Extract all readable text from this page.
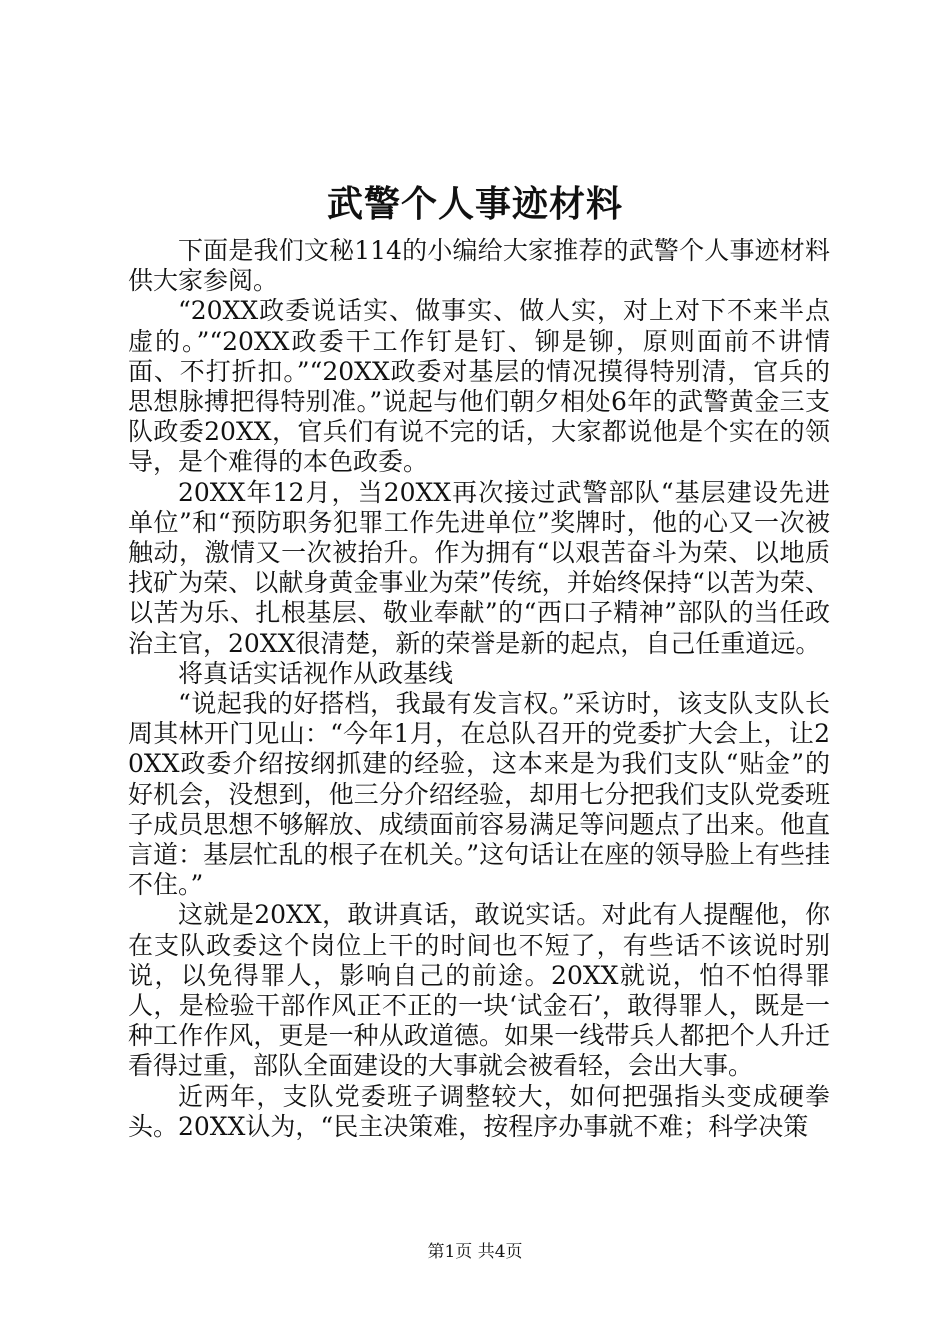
武警个人事迹材料

下面是我们文秘114的小编给大家推荐的武警个人事迹材料供大家参阅。

“20XX政委说话实、做事实、做人实，对上对下不来半点虚的。”“20XX政委干工作钉是钉、铆是铆，原则面前不讲情面、不打折扣。”“20XX政委对基层的情况摸得特别清，官兵的思想脉搏把得特别准。”说起与他们朝夕相处6年的武警黄金三支队政委20XX，官兵们有说不完的话，大家都说他是个实在的领导，是个难得的本色政委。

20XX年12月，当20XX再次接过武警部队“基层建设先进单位”和“预防职务犯罪工作先进单位”奖牌时，他的心又一次被触动，激情又一次被抬升。作为拥有“以艰苦奋斗为荣、以地质找矿为荣、以献身黄金事业为荣”传统，并始终保持“以苦为荣、以苦为乐、扎根基层、敬业奉献”的“西口子精神”部队的当任政治主官，20XX很清楚，新的荣誉是新的起点，自己任重道远。

将真话实话视作从政基线

“说起我的好搭档，我最有发言权。”采访时，该支队支队长周其林开门见山：“今年1月，在总队召开的党委扩大会上，让20XX政委介绍按纲抓建的经验，这本来是为我们支队“贴金”的好机会，没想到，他三分介绍经验，却用七分把我们支队党委班子成员思想不够解放、成绩面前容易满足等问题点了出来。他直言道：基层忙乱的根子在机关。”这句话让在座的领导脸上有些挂不住。”

这就是20XX，敢讲真话，敢说实话。对此有人提醒他，你在支队政委这个岗位上干的时间也不短了，有些话不该说时别说，以免得罪人，影响自己的前途。20XX就说，怕不怕得罪人，是检验干部作风正不正的一块‘试金石’，敢得罪人，既是一种工作作风，更是一种从政道德。如果一线带兵人都把个人升迁看得过重，部队全面建设的大事就会被看轻，会出大事。

近两年，支队党委班子调整较大，如何把强指头变成硬拳头。20XX认为，“民主决策难，按程序办事就不难；科学决策

第1页 共4页
